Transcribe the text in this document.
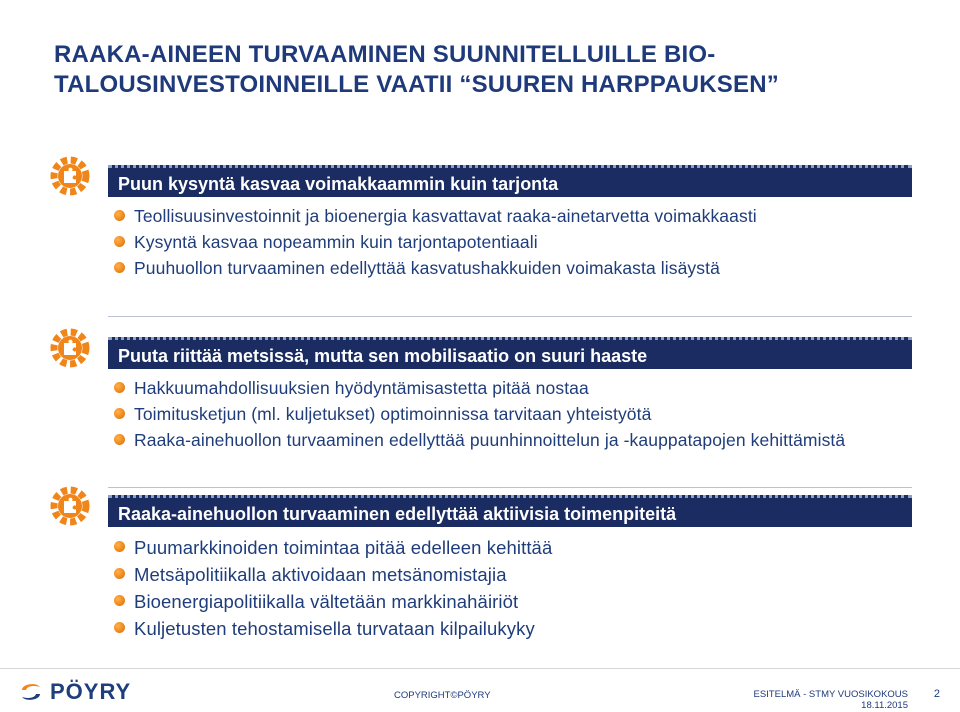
RAAKA-AINEEN TURVAAMINEN SUUNNITELLUILLE BIO-
TALOUSINVESTOINNEILLE VAATII “SUUREN HARPPAUKSEN”
Puun kysyntä kasvaa voimakkaammin kuin tarjonta
Teollisuusinvestoinnit ja bioenergia kasvattavat raaka-ainetarvetta voimakkaasti
Kysyntä kasvaa nopeammin kuin tarjontapotentiaali
Puuhuollon turvaaminen edellyttää kasvatushakkuiden voimakasta lisäystä
Puuta riittää metsissä, mutta sen mobilisaatio on suuri haaste
Hakkuumahdollisuuksien hyödyntämisastetta pitää nostaa
Toimitusketjun (ml. kuljetukset) optimoinnissa tarvitaan yhteistyötä
Raaka-ainehuollon turvaaminen edellyttää puunhinnoittelun ja -kauppatapojen kehittämistä
Raaka-ainehuollon turvaaminen edellyttää aktiivisia toimenpiteitä
Puumarkkinoiden toimintaa pitää edelleen kehittää
Metsäpolitiikalla aktivoidaan metsänomistajia
Bioenergiapolitiikalla vältetään markkinahäiriöt
Kuljetusten tehostamisella turvataan kilpailukyky
PÖYRY	COPYRIGHT©PÖYRY	ESITELMÄ - STMY VUOSIKOKOUS
18.11.2015
2
